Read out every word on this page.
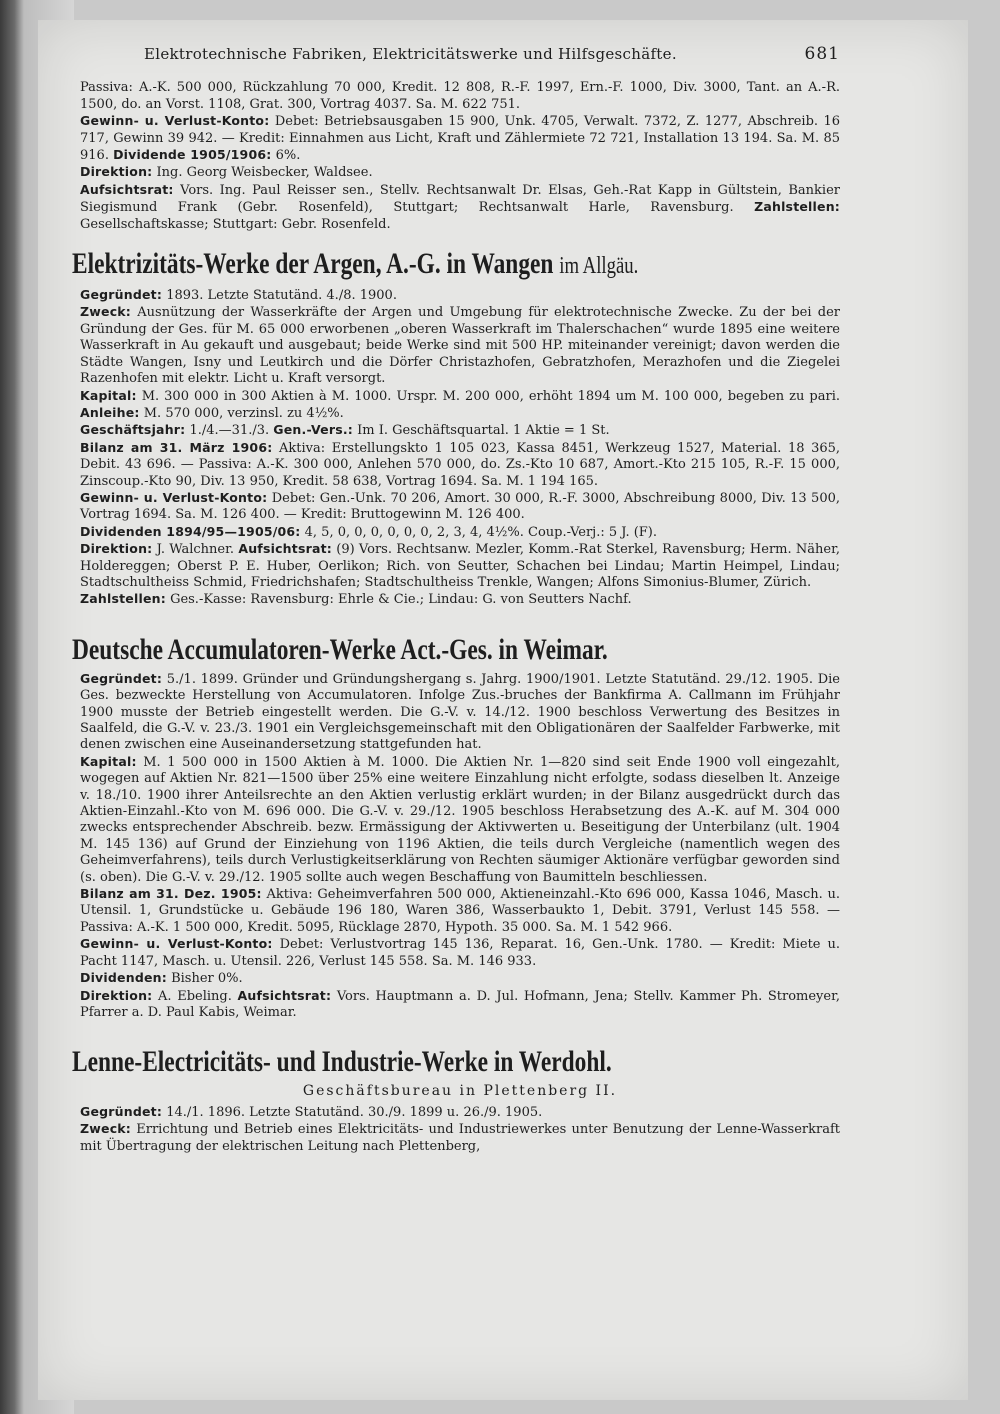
Elektrotechnische Fabriken, Elektricitätswerke und Hilfsgeschäfte.	681

Passiva: A.-K. 500 000, Rückzahlung 70 000, Kredit. 12 808, R.-F. 1997, Ern.-F. 1000, Div. 3000, Tant. an A.-R. 1500, do. an Vorst. 1108, Grat. 300, Vortrag 4037. Sa. M. 622 751.

Gewinn- u. Verlust-Konto: Debet: Betriebsausgaben 15 900, Unk. 4705, Verwalt. 7372, Z. 1277, Abschreib. 16 717, Gewinn 39 942. — Kredit: Einnahmen aus Licht, Kraft und Zählermiete 72 721, Installation 13 194. Sa. M. 85 916. Dividende 1905/1906: 6%.

Direktion: Ing. Georg Weisbecker, Waldsee.

Aufsichtsrat: Vors. Ing. Paul Reisser sen., Stellv. Rechtsanwalt Dr. Elsas, Geh.-Rat Kapp in Gültstein, Bankier Siegismund Frank (Gebr. Rosenfeld), Stuttgart; Rechtsanwalt Harle, Ravensburg. Zahlstellen: Gesellschaftskasse; Stuttgart: Gebr. Rosenfeld.

Elektrizitäts-Werke der Argen, A.-G. in Wangen im Allgäu.

Gegründet: 1893. Letzte Statutänd. 4./8. 1900.

Zweck: Ausnützung der Wasserkräfte der Argen und Umgebung für elektrotechnische Zwecke. Zu der bei der Gründung der Ges. für M. 65 000 erworbenen „oberen Wasserkraft im Thalerschachen“ wurde 1895 eine weitere Wasserkraft in Au gekauft und ausgebaut; beide Werke sind mit 500 HP. miteinander vereinigt; davon werden die Städte Wangen, Isny und Leutkirch und die Dörfer Christazhofen, Gebratzhofen, Merazhofen und die Ziegelei Razenhofen mit elektr. Licht u. Kraft versorgt.

Kapital: M. 300 000 in 300 Aktien à M. 1000. Urspr. M. 200 000, erhöht 1894 um M. 100 000, begeben zu pari. Anleihe: M. 570 000, verzinsl. zu 4½%.

Geschäftsjahr: 1./4.—31./3. Gen.-Vers.: Im I. Geschäftsquartal. 1 Aktie = 1 St.

Bilanz am 31. März 1906: Aktiva: Erstellungskto 1 105 023, Kassa 8451, Werkzeug 1527, Material. 18 365, Debit. 43 696. — Passiva: A.-K. 300 000, Anlehen 570 000, do. Zs.-Kto 10 687, Amort.-Kto 215 105, R.-F. 15 000, Zinscoup.-Kto 90, Div. 13 950, Kredit. 58 638, Vortrag 1694. Sa. M. 1 194 165.

Gewinn- u. Verlust-Konto: Debet: Gen.-Unk. 70 206, Amort. 30 000, R.-F. 3000, Abschreibung 8000, Div. 13 500, Vortrag 1694. Sa. M. 126 400. — Kredit: Bruttogewinn M. 126 400.

Dividenden 1894/95—1905/06: 4, 5, 0, 0, 0, 0, 0, 0, 2, 3, 4, 4½%. Coup.-Verj.: 5 J. (F).

Direktion: J. Walchner. Aufsichtsrat: (9) Vors. Rechtsanw. Mezler, Komm.-Rat Sterkel, Ravensburg; Herm. Näher, Holdereggen; Oberst P. E. Huber, Oerlikon; Rich. von Seutter, Schachen bei Lindau; Martin Heimpel, Lindau; Stadtschultheiss Schmid, Friedrichshafen; Stadtschultheiss Trenkle, Wangen; Alfons Simonius-Blumer, Zürich.

Zahlstellen: Ges.-Kasse: Ravensburg: Ehrle & Cie.; Lindau: G. von Seutters Nachf.

Deutsche Accumulatoren-Werke Act.-Ges. in Weimar.

Gegründet: 5./1. 1899. Gründer und Gründungshergang s. Jahrg. 1900/1901. Letzte Statutänd. 29./12. 1905. Die Ges. bezweckte Herstellung von Accumulatoren. Infolge Zus.-bruches der Bankfirma A. Callmann im Frühjahr 1900 musste der Betrieb eingestellt werden. Die G.-V. v. 14./12. 1900 beschloss Verwertung des Besitzes in Saalfeld, die G.-V. v. 23./3. 1901 ein Vergleichsgemeinschaft mit den Obligationären der Saalfelder Farbwerke, mit denen zwischen eine Auseinandersetzung stattgefunden hat.

Kapital: M. 1 500 000 in 1500 Aktien à M. 1000. Die Aktien Nr. 1—820 sind seit Ende 1900 voll eingezahlt, wogegen auf Aktien Nr. 821—1500 über 25% eine weitere Einzahlung nicht erfolgte, sodass dieselben lt. Anzeige v. 18./10. 1900 ihrer Anteilsrechte an den Aktien verlustig erklärt wurden; in der Bilanz ausgedrückt durch das Aktien-Einzahl.-Kto von M. 696 000. Die G.-V. v. 29./12. 1905 beschloss Herabsetzung des A.-K. auf M. 304 000 zwecks entsprechender Abschreib. bezw. Ermässigung der Aktivwerten u. Beseitigung der Unterbilanz (ult. 1904 M. 145 136) auf Grund der Einziehung von 1196 Aktien, die teils durch Vergleiche (namentlich wegen des Geheimverfahrens), teils durch Verlustigkeitserklärung von Rechten säumiger Aktionäre verfügbar geworden sind (s. oben). Die G.-V. v. 29./12. 1905 sollte auch wegen Beschaffung von Baumitteln beschliessen.

Bilanz am 31. Dez. 1905: Aktiva: Geheimverfahren 500 000, Aktieneinzahl.-Kto 696 000, Kassa 1046, Masch. u. Utensil. 1, Grundstücke u. Gebäude 196 180, Waren 386, Wasserbaukto 1, Debit. 3791, Verlust 145 558. — Passiva: A.-K. 1 500 000, Kredit. 5095, Rücklage 2870, Hypoth. 35 000. Sa. M. 1 542 966.

Gewinn- u. Verlust-Konto: Debet: Verlustvortrag 145 136, Reparat. 16, Gen.-Unk. 1780. — Kredit: Miete u. Pacht 1147, Masch. u. Utensil. 226, Verlust 145 558. Sa. M. 146 933.

Dividenden: Bisher 0%.

Direktion: A. Ebeling. Aufsichtsrat: Vors. Hauptmann a. D. Jul. Hofmann, Jena; Stellv. Kammer Ph. Stromeyer, Pfarrer a. D. Paul Kabis, Weimar.

Lenne-Electricitäts- und Industrie-Werke in Werdohl.

Geschäftsbureau in Plettenberg II.

Gegründet: 14./1. 1896. Letzte Statutänd. 30./9. 1899 u. 26./9. 1905.

Zweck: Errichtung und Betrieb eines Elektricitäts- und Industriewerkes unter Benutzung der Lenne-Wasserkraft mit Übertragung der elektrischen Leitung nach Plettenberg,
